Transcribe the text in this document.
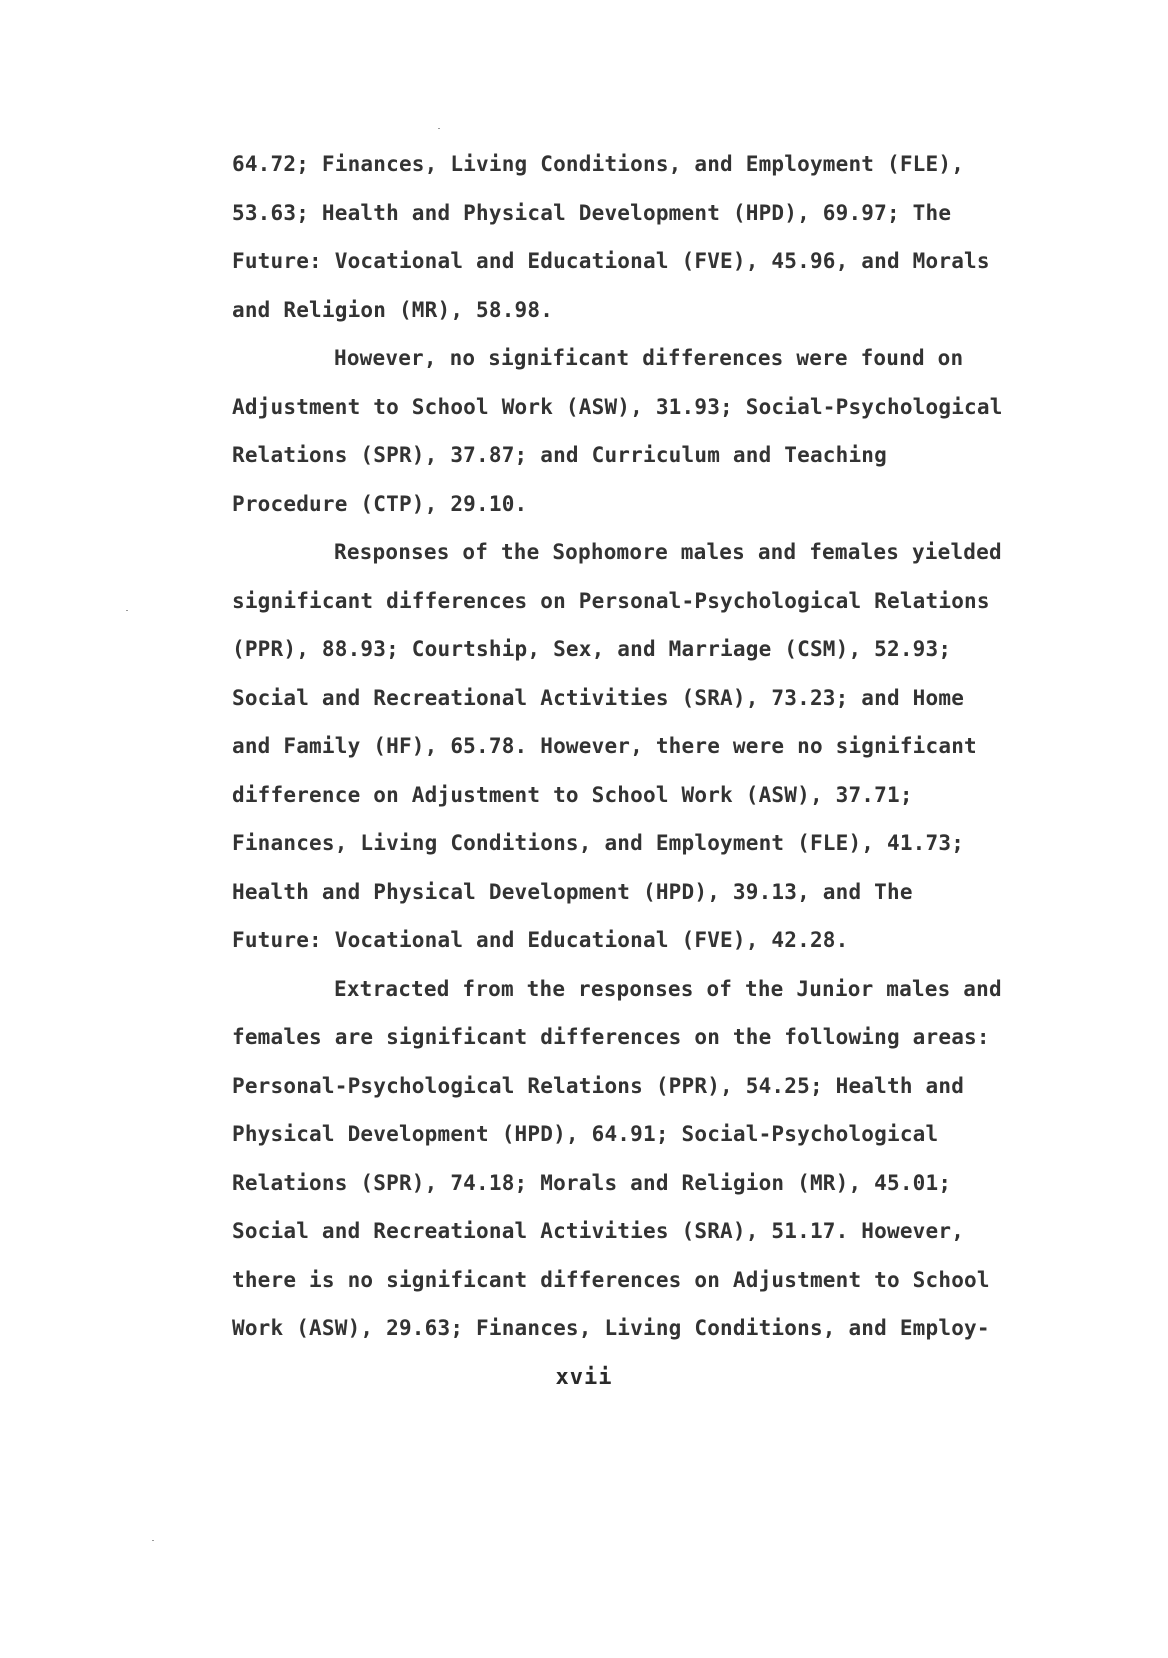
64.72; Finances, Living Conditions, and Employment (FLE),
53.63; Health and Physical Development (HPD), 69.97; The
Future: Vocational and Educational (FVE), 45.96, and Morals
and Religion (MR), 58.98.
However, no significant differences were found on
Adjustment to School Work (ASW), 31.93; Social-Psychological
Relations (SPR), 37.87; and Curriculum and Teaching
Procedure (CTP), 29.10.
Responses of the Sophomore males and females yielded
significant differences on Personal-Psychological Relations
(PPR), 88.93; Courtship, Sex, and Marriage (CSM), 52.93;
Social and Recreational Activities (SRA), 73.23; and Home
and Family (HF), 65.78. However, there were no significant
difference on Adjustment to School Work (ASW), 37.71;
Finances, Living Conditions, and Employment (FLE), 41.73;
Health and Physical Development (HPD), 39.13, and The
Future: Vocational and Educational (FVE), 42.28.
Extracted from the responses of the Junior males and
females are significant differences on the following areas:
Personal-Psychological Relations (PPR), 54.25; Health and
Physical Development (HPD), 64.91; Social-Psychological
Relations (SPR), 74.18; Morals and Religion (MR), 45.01;
Social and Recreational Activities (SRA), 51.17. However,
there is no significant differences on Adjustment to School
Work (ASW), 29.63; Finances, Living Conditions, and Employ-
xvii
